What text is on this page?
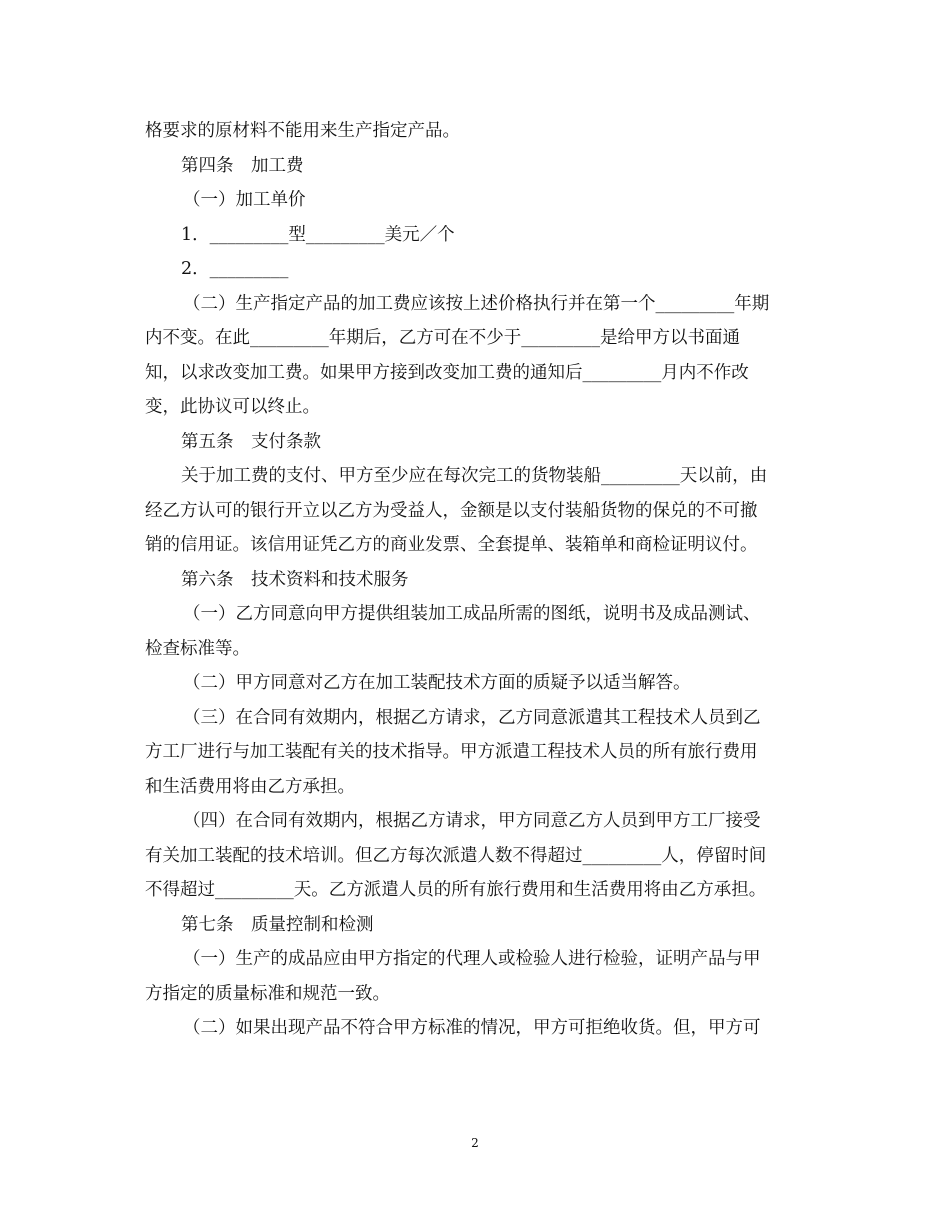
格要求的原材料不能用来生产指定产品。
第四条　加工费
（一）加工单价
1．_________型_________美元／个
2．_________
（二）生产指定产品的加工费应该按上述价格执行并在第一个_________年期
内不变。在此_________年期后，乙方可在不少于_________是给甲方以书面通
知，以求改变加工费。如果甲方接到改变加工费的通知后_________月内不作改
变，此协议可以终止。
第五条　支付条款
关于加工费的支付、甲方至少应在每次完工的货物装船_________天以前，由
经乙方认可的银行开立以乙方为受益人，金额是以支付装船货物的保兑的不可撤
销的信用证。该信用证凭乙方的商业发票、全套提单、装箱单和商检证明议付。
第六条　技术资料和技术服务
（一）乙方同意向甲方提供组装加工成品所需的图纸，说明书及成品测试、
检查标准等。
（二）甲方同意对乙方在加工装配技术方面的质疑予以适当解答。
（三）在合同有效期内，根据乙方请求，乙方同意派遣其工程技术人员到乙
方工厂进行与加工装配有关的技术指导。甲方派遣工程技术人员的所有旅行费用
和生活费用将由乙方承担。
（四）在合同有效期内，根据乙方请求，甲方同意乙方人员到甲方工厂接受
有关加工装配的技术培训。但乙方每次派遣人数不得超过_________人，停留时间
不得超过_________天。乙方派遣人员的所有旅行费用和生活费用将由乙方承担。
第七条　质量控制和检测
（一）生产的成品应由甲方指定的代理人或检验人进行检验，证明产品与甲
方指定的质量标准和规范一致。
（二）如果出现产品不符合甲方标准的情况，甲方可拒绝收货。但，甲方可
2
